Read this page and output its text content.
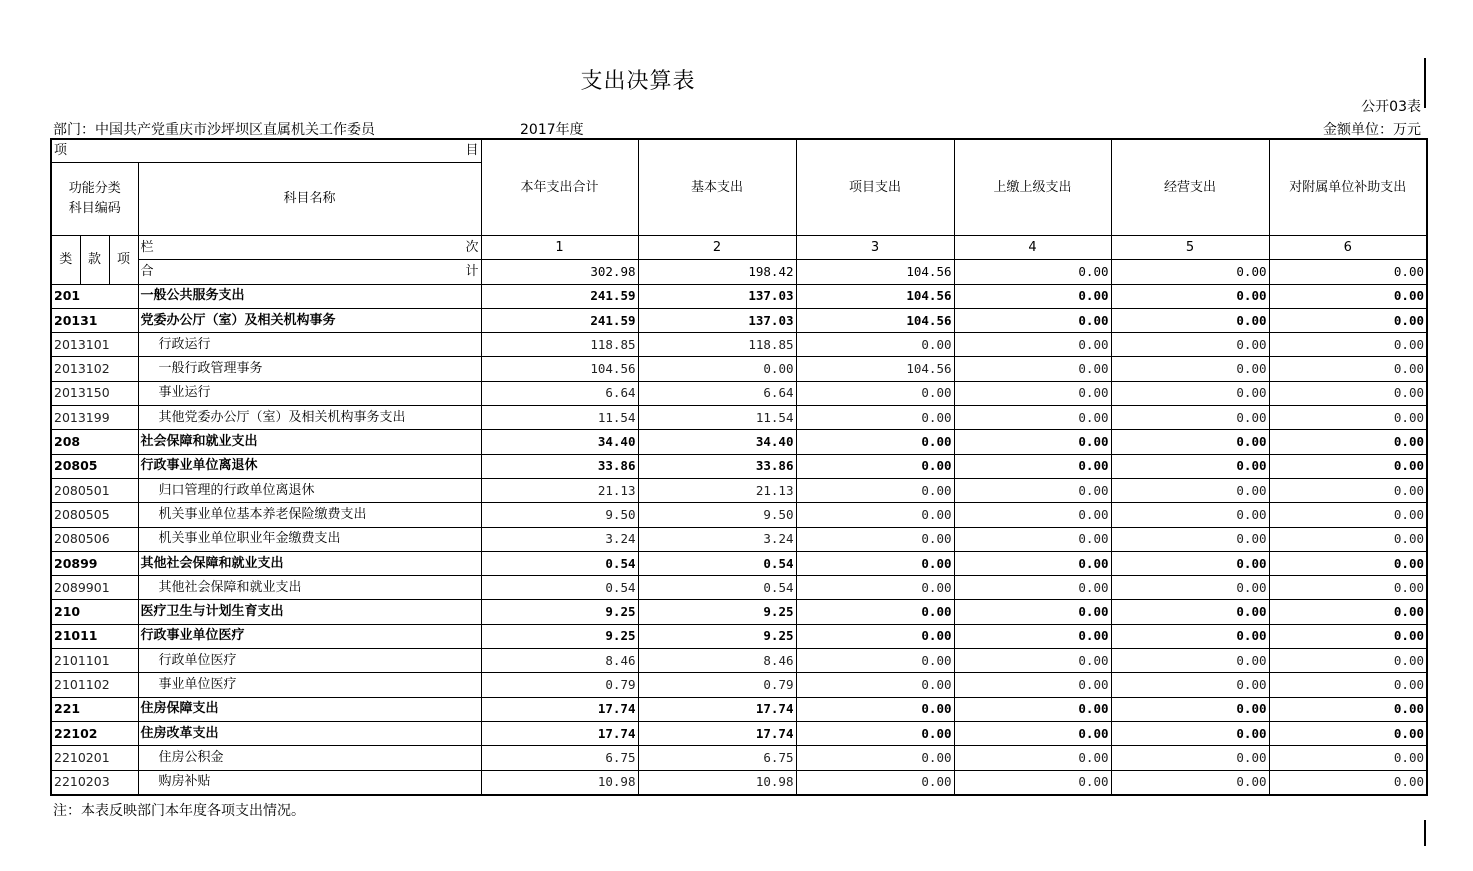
支出决算表
公开03表
部门：中国共产党重庆市沙坪坝区直属机关工作委员	2017年度	金额单位：万元
项 目				本年支出合计	基本支出	项目支出	上缴上级支出	经营支出	对附属单位补助支出
功能分类
科目编码			科目名称						
类	款	项	栏 次	1	2	3	4	5	6

			合 计	302.98	198.42	104.56	0.00	0.00	0.00
201			一般公共服务支出	241.59	137.03	104.56	0.00	0.00	0.00
20131			党委办公厅（室）及相关机构事务	241.59	137.03	104.56	0.00	0.00	0.00
2013101			行政运行	118.85	118.85	0.00	0.00	0.00	0.00
2013102			一般行政管理事务	104.56	0.00	104.56	0.00	0.00	0.00
2013150			事业运行	6.64	6.64	0.00	0.00	0.00	0.00
2013199			其他党委办公厅（室）及相关机构事务支出	11.54	11.54	0.00	0.00	0.00	0.00
208			社会保障和就业支出	34.40	34.40	0.00	0.00	0.00	0.00
20805			行政事业单位离退休	33.86	33.86	0.00	0.00	0.00	0.00
2080501			归口管理的行政单位离退休	21.13	21.13	0.00	0.00	0.00	0.00
2080505			机关事业单位基本养老保险缴费支出	9.50	9.50	0.00	0.00	0.00	0.00
2080506			机关事业单位职业年金缴费支出	3.24	3.24	0.00	0.00	0.00	0.00
20899			其他社会保障和就业支出	0.54	0.54	0.00	0.00	0.00	0.00
2089901			其他社会保障和就业支出	0.54	0.54	0.00	0.00	0.00	0.00
210			医疗卫生与计划生育支出	9.25	9.25	0.00	0.00	0.00	0.00
21011			行政事业单位医疗	9.25	9.25	0.00	0.00	0.00	0.00
2101101			行政单位医疗	8.46	8.46	0.00	0.00	0.00	0.00
2101102			事业单位医疗	0.79	0.79	0.00	0.00	0.00	0.00
221			住房保障支出	17.74	17.74	0.00	0.00	0.00	0.00
22102			住房改革支出	17.74	17.74	0.00	0.00	0.00	0.00
2210201			住房公积金	6.75	6.75	0.00	0.00	0.00	0.00
2210203			购房补贴	10.98	10.98	0.00	0.00	0.00	0.00
注：本表反映部门本年度各项支出情况。
